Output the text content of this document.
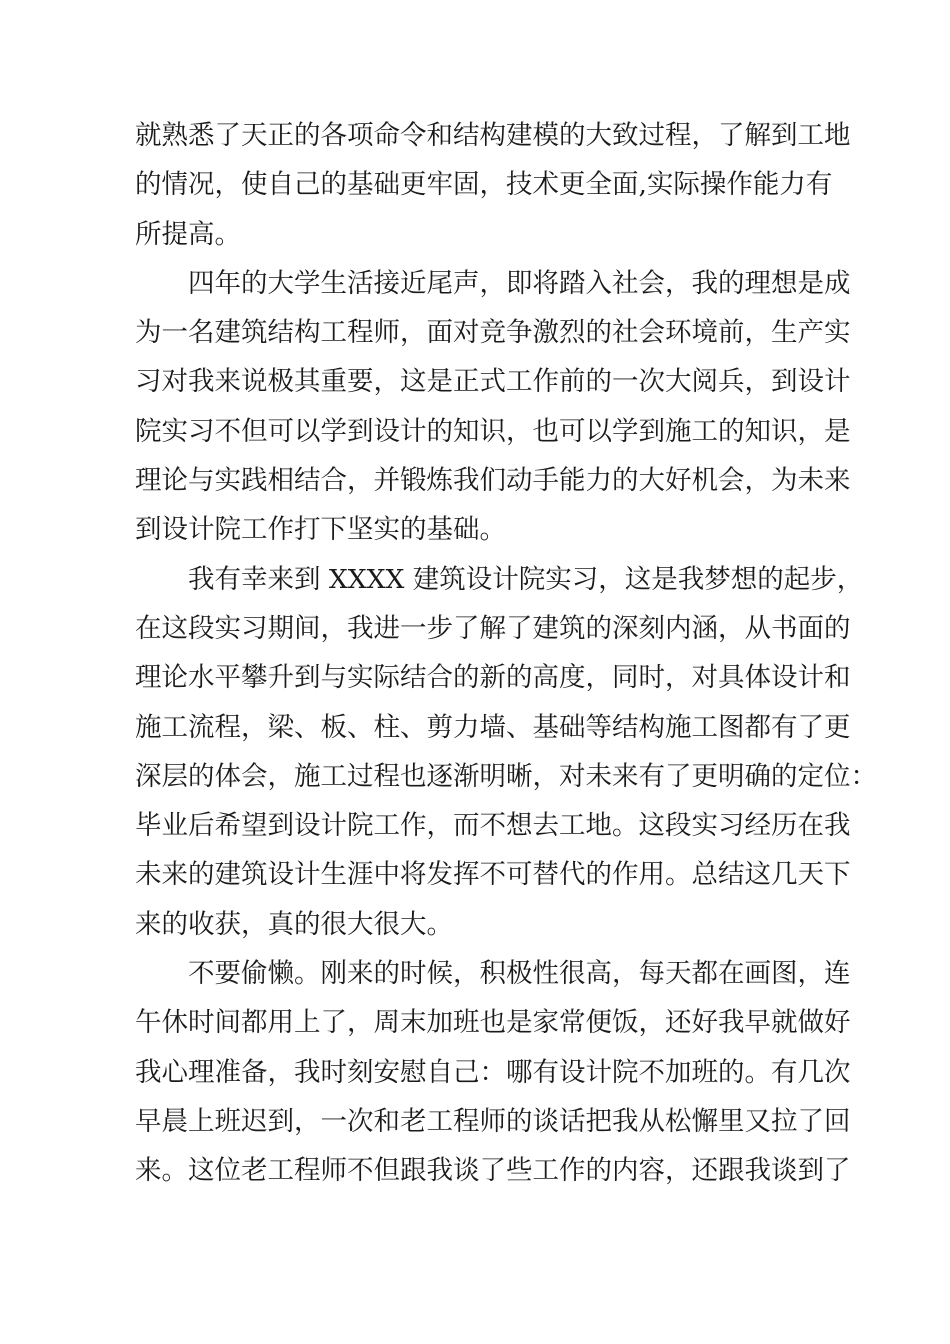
就熟悉了天正的各项命令和结构建模的大致过程，了解到工地
的情况，使自己的基础更牢固，技术更全面,实际操作能力有
所提高。
四年的大学生活接近尾声，即将踏入社会，我的理想是成
为一名建筑结构工程师，面对竞争激烈的社会环境前，生产实
习对我来说极其重要，这是正式工作前的一次大阅兵，到设计
院实习不但可以学到设计的知识，也可以学到施工的知识，是
理论与实践相结合，并锻炼我们动手能力的大好机会，为未来
到设计院工作打下坚实的基础。
我有幸来到 XXXX 建筑设计院实习，这是我梦想的起步，
在这段实习期间，我进一步了解了建筑的深刻内涵，从书面的
理论水平攀升到与实际结合的新的高度，同时，对具体设计和
施工流程，梁、板、柱、剪力墙、基础等结构施工图都有了更
深层的体会，施工过程也逐渐明晰，对未来有了更明确的定位：
毕业后希望到设计院工作，而不想去工地。这段实习经历在我
未来的建筑设计生涯中将发挥不可替代的作用。总结这几天下
来的收获，真的很大很大。
不要偷懒。刚来的时候，积极性很高，每天都在画图，连
午休时间都用上了，周末加班也是家常便饭，还好我早就做好
我心理准备，我时刻安慰自己：哪有设计院不加班的。有几次
早晨上班迟到，一次和老工程师的谈话把我从松懈里又拉了回
来。这位老工程师不但跟我谈了些工作的内容，还跟我谈到了
